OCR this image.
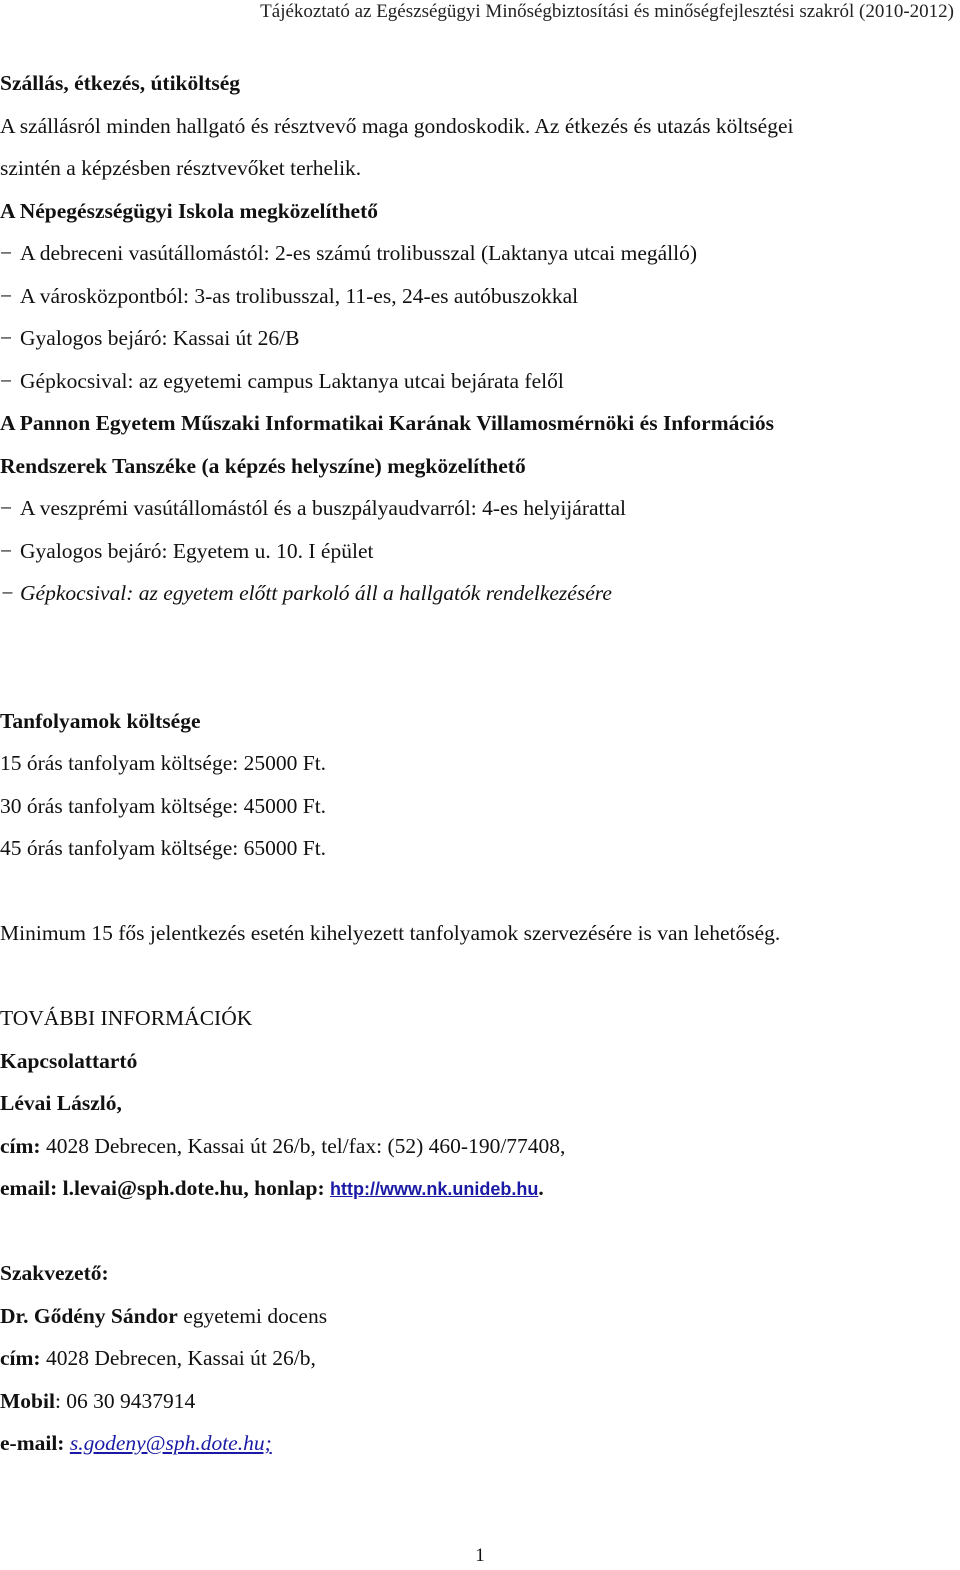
Tájékoztató az Egészségügyi Minőségbiztosítási és minőségfejlesztési szakról (2010-2012)
Szállás, étkezés, útiköltség
A szállásról minden hallgató és résztvevő maga gondoskodik. Az étkezés és utazás költségei
szintén a képzésben résztvevőket terhelik.
A Népegészségügyi Iskola megközelíthető
− A debreceni vasútállomástól: 2-es számú trolibusszal (Laktanya utcai megálló)
− A városközpontból: 3-as trolibusszal, 11-es, 24-es autóbuszokkal
− Gyalogos bejáró: Kassai út 26/B
− Gépkocsival: az egyetemi campus Laktanya utcai bejárata felől
A Pannon Egyetem Műszaki Informatikai Karának Villamosmérnöki és Információs
Rendszerek Tanszéke (a képzés helyszíne) megközelíthető
− A veszprémi vasútállomástól és a buszpályaudvarról: 4-es helyijárattal
− Gyalogos bejáró: Egyetem u. 10. I épület
− Gépkocsival: az egyetem előtt parkoló áll a hallgatók rendelkezésére
Tanfolyamok költsége
15 órás tanfolyam költsége: 25000 Ft.
30 órás tanfolyam költsége: 45000 Ft.
45 órás tanfolyam költsége: 65000 Ft.
Minimum 15 fős jelentkezés esetén kihelyezett tanfolyamok szervezésére is van lehetőség.
TOVÁBBI INFORMÁCIÓK
Kapcsolattartó
Lévai László,
cím: 4028 Debrecen, Kassai út 26/b, tel/fax: (52) 460-190/77408,
email: l.levai@sph.dote.hu, honlap: http://www.nk.unideb.hu.
Szakvezető:
Dr. Gődény Sándor egyetemi docens
cím: 4028 Debrecen, Kassai út 26/b,
Mobil: 06 30 9437914
e-mail: s.godeny@sph.dote.hu;
1
